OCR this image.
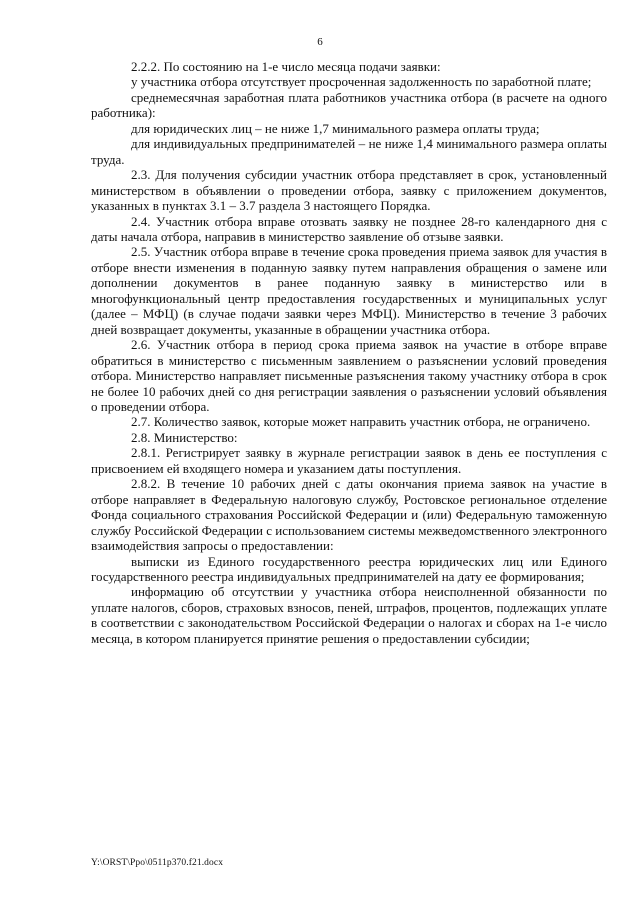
6

2.2.2. По состоянию на 1-е число месяца подачи заявки:

у участника отбора отсутствует просроченная задолженность по заработной плате;

среднемесячная заработная плата работников участника отбора (в расчете на одного работника):

для юридических лиц – не ниже 1,7 минимального размера оплаты труда;

для индивидуальных предпринимателей – не ниже 1,4 минимального размера оплаты труда.

2.3. Для получения субсидии участник отбора представляет в срок, установленный министерством в объявлении о проведении отбора, заявку с приложением документов, указанных в пунктах 3.1 – 3.7 раздела 3 настоящего Порядка.

2.4. Участник отбора вправе отозвать заявку не позднее 28-го календарного дня с даты начала отбора, направив в министерство заявление об отзыве заявки.

2.5. Участник отбора вправе в течение срока проведения приема заявок для участия в отборе внести изменения в поданную заявку путем направления обращения о замене или дополнении документов в ранее поданную заявку в министерство или в многофункциональный центр предоставления государственных и муниципальных услуг (далее – МФЦ) (в случае подачи заявки через МФЦ). Министерство в течение 3 рабочих дней возвращает документы, указанные в обращении участника отбора.

2.6. Участник отбора в период срока приема заявок на участие в отборе вправе обратиться в министерство с письменным заявлением о разъяснении условий проведения отбора. Министерство направляет письменные разъяснения такому участнику отбора в срок не более 10 рабочих дней со дня регистрации заявления о разъяснении условий объявления о проведении отбора.

2.7. Количество заявок, которые может направить участник отбора, не ограничено.

2.8. Министерство:

2.8.1. Регистрирует заявку в журнале регистрации заявок в день ее поступления с присвоением ей входящего номера и указанием даты поступления.

2.8.2. В течение 10 рабочих дней с даты окончания приема заявок на участие в отборе направляет в Федеральную налоговую службу, Ростовское региональное отделение Фонда социального страхования Российской Федерации и (или) Федеральную таможенную службу Российской Федерации с использованием системы межведомственного электронного взаимодействия запросы о предоставлении:

выписки из Единого государственного реестра юридических лиц или Единого государственного реестра индивидуальных предпринимателей на дату ее формирования;

информацию об отсутствии у участника отбора неисполненной обязанности по уплате налогов, сборов, страховых взносов, пеней, штрафов, процентов, подлежащих уплате в соответствии с законодательством Российской Федерации о налогах и сборах на 1-е число месяца, в котором планируется принятие решения о предоставлении субсидии;

Y:\ORST\Ppo\0511p370.f21.docx
